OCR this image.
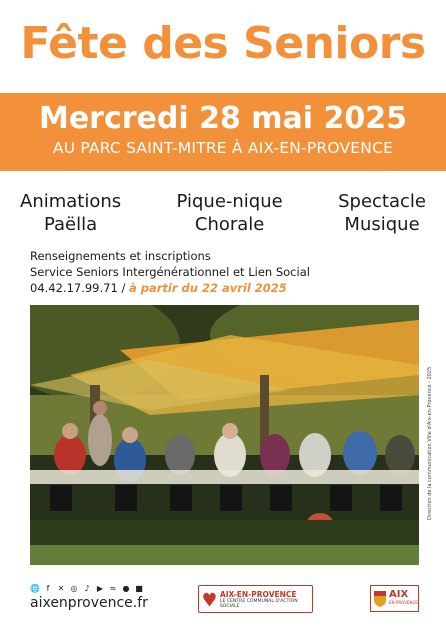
Fête des Seniors
Mercredi 28 mai 2025
AU PARC SAINT-MITRE À AIX-EN-PROVENCE
Animations
Paëlla
Pique-nique
Chorale
Spectacle
Musique
Renseignements et inscriptions
Service Seniors Intergénérationnel et Lien Social
04.42.17.99.71 / à partir du 22 avril 2025
Direction de la communication Ville d'Aix-en-Provence - 2025
🌐 f	✕ ◎ ♪ ▶ ≈ ● ■
aixenprovence.fr
AIX-EN-PROVENCE
LE CENTRE COMMUNAL D'ACTION SOCIALE
AIX
EN-PROVENCE
